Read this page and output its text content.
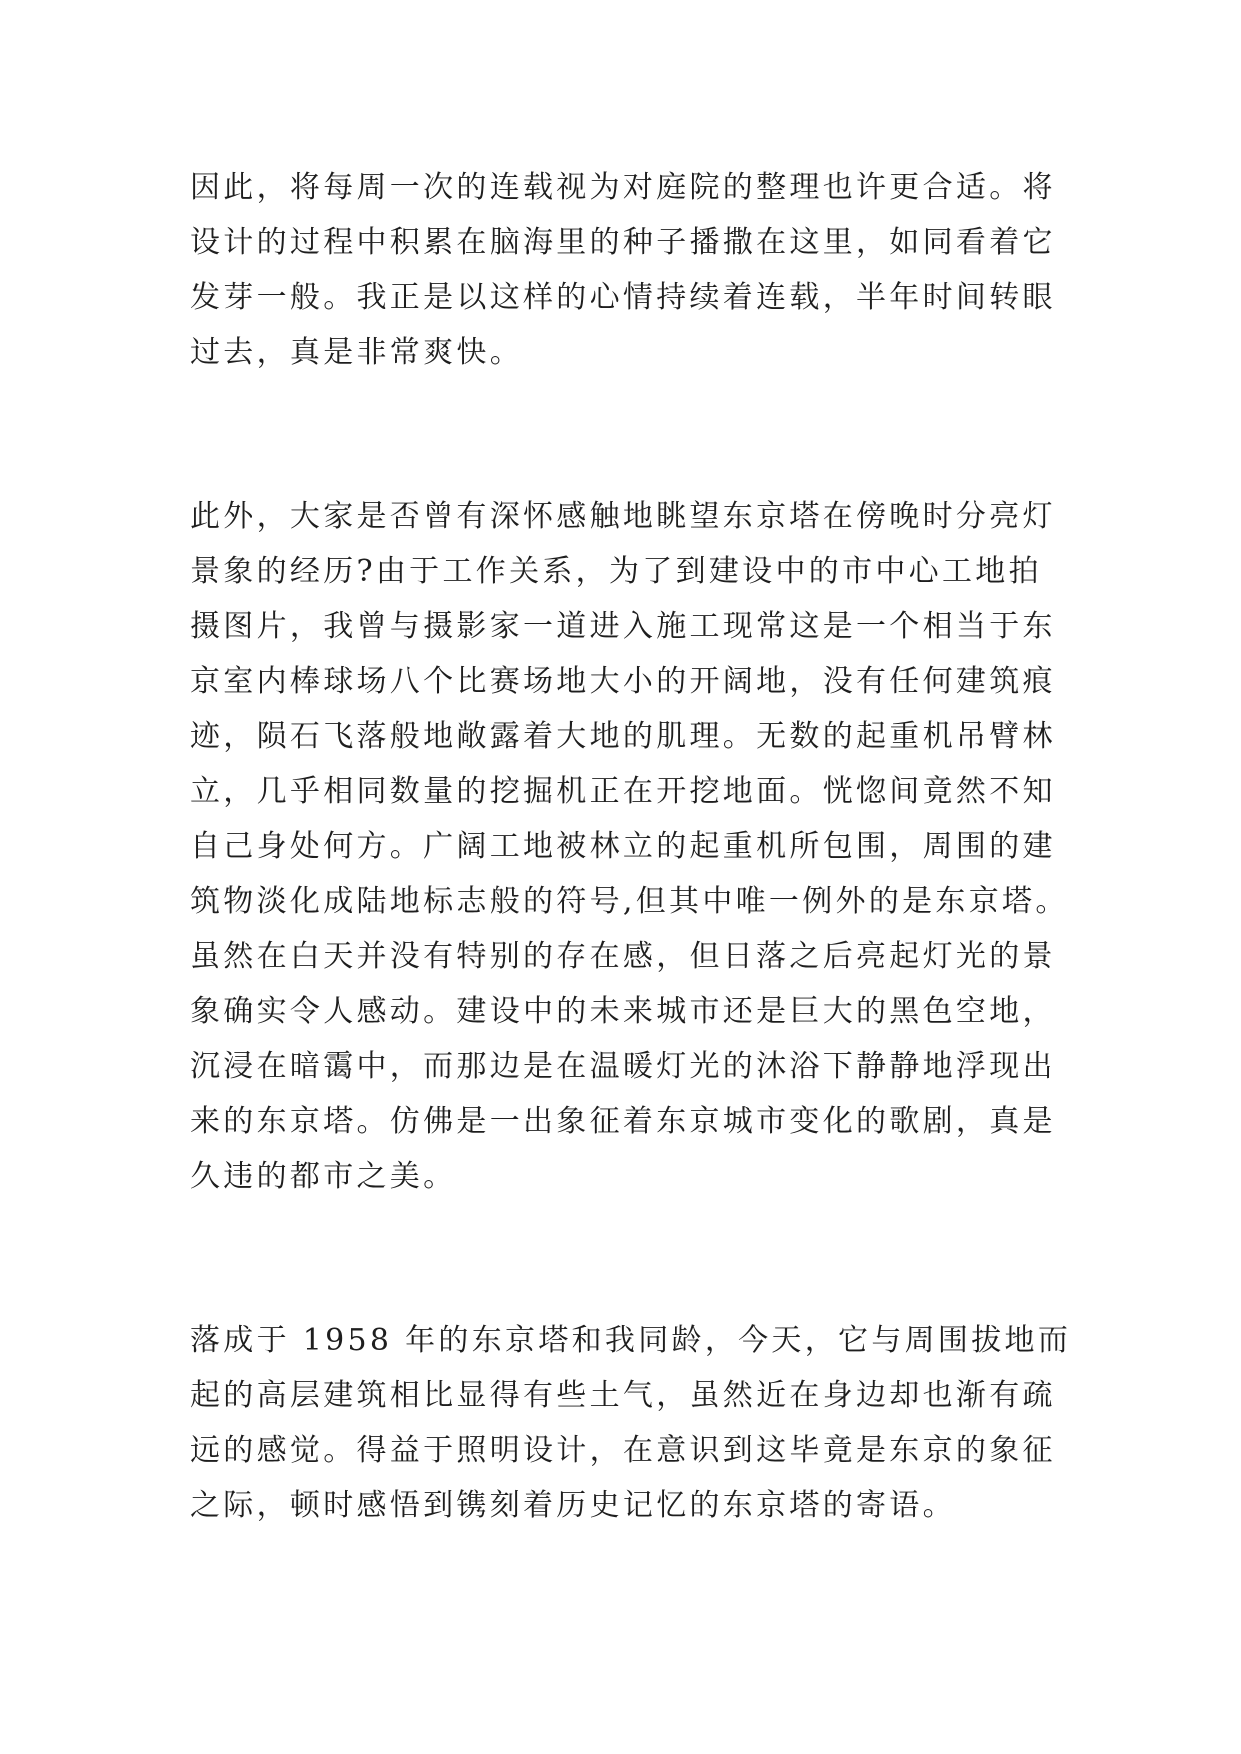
因此，将每周一次的连载视为对庭院的整理也许更合适。将
设计的过程中积累在脑海里的种子播撒在这里，如同看着它
发芽一般。我正是以这样的心情持续着连载，半年时间转眼
过去，真是非常爽快。
此外，大家是否曾有深怀感触地眺望东京塔在傍晚时分亮灯
景象的经历?由于工作关系，为了到建设中的市中心工地拍
摄图片，我曾与摄影家一道进入施工现常这是一个相当于东
京室内棒球场八个比赛场地大小的开阔地，没有任何建筑痕
迹，陨石飞落般地敞露着大地的肌理。无数的起重机吊臂林
立，几乎相同数量的挖掘机正在开挖地面。恍惚间竟然不知
自己身处何方。广阔工地被林立的起重机所包围，周围的建
筑物淡化成陆地标志般的符号,但其中唯一例外的是东京塔。
虽然在白天并没有特别的存在感，但日落之后亮起灯光的景
象确实令人感动。建设中的未来城市还是巨大的黑色空地，
沉浸在暗霭中，而那边是在温暖灯光的沐浴下静静地浮现出
来的东京塔。仿佛是一出象征着东京城市变化的歌剧，真是
久违的都市之美。
落成于 1958 年的东京塔和我同龄，今天，它与周围拔地而
起的高层建筑相比显得有些土气，虽然近在身边却也渐有疏
远的感觉。得益于照明设计，在意识到这毕竟是东京的象征
之际，顿时感悟到镌刻着历史记忆的东京塔的寄语。
